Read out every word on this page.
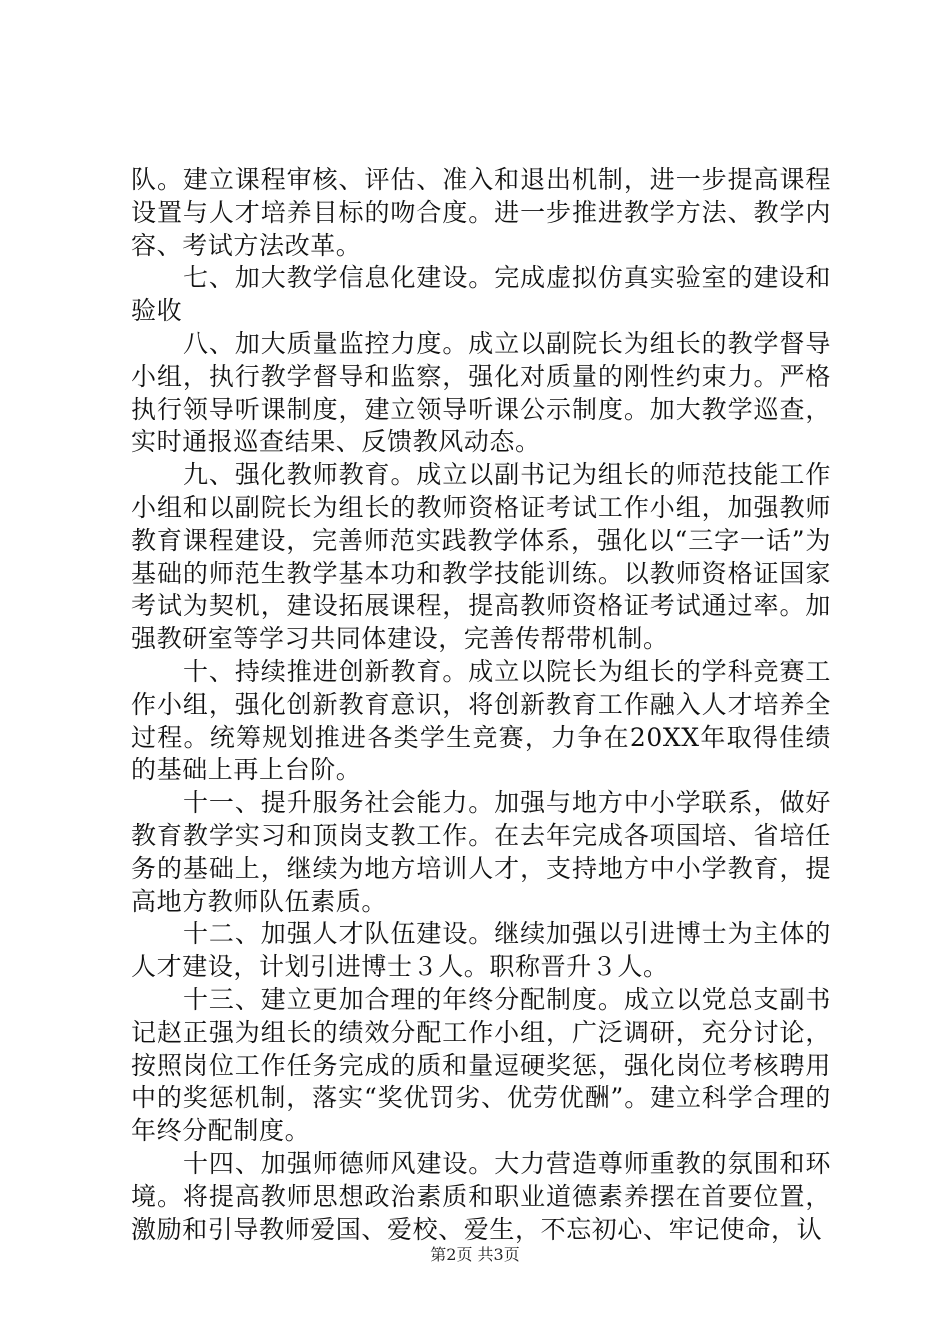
队。建立课程审核、评估、准入和退出机制，进一步提高课程设置与人才培养目标的吻合度。进一步推进教学方法、教学内容、考试方法改革。

七、加大教学信息化建设。完成虚拟仿真实验室的建设和验收

八、加大质量监控力度。成立以副院长为组长的教学督导小组，执行教学督导和监察，强化对质量的刚性约束力。严格执行领导听课制度，建立领导听课公示制度。加大教学巡查，实时通报巡查结果、反馈教风动态。

九、强化教师教育。成立以副书记为组长的师范技能工作小组和以副院长为组长的教师资格证考试工作小组，加强教师教育课程建设，完善师范实践教学体系，强化以“三字一话”为基础的师范生教学基本功和教学技能训练。以教师资格证国家考试为契机，建设拓展课程，提高教师资格证考试通过率。加强教研室等学习共同体建设，完善传帮带机制。

十、持续推进创新教育。成立以院长为组长的学科竞赛工作小组，强化创新教育意识，将创新教育工作融入人才培养全过程。统筹规划推进各类学生竞赛，力争在20XX年取得佳绩的基础上再上台阶。

十一、提升服务社会能力。加强与地方中小学联系，做好教育教学实习和顶岗支教工作。在去年完成各项国培、省培任务的基础上，继续为地方培训人才，支持地方中小学教育，提高地方教师队伍素质。

十二、加强人才队伍建设。继续加强以引进博士为主体的人才建设，计划引进博士３人。职称晋升３人。

十三、建立更加合理的年终分配制度。成立以党总支副书记赵正强为组长的绩效分配工作小组，广泛调研，充分讨论，按照岗位工作任务完成的质和量逗硬奖惩，强化岗位考核聘用中的奖惩机制，落实“奖优罚劣、优劳优酬”。建立科学合理的年终分配制度。

十四、加强师德师风建设。大力营造尊师重教的氛围和环境。将提高教师思想政治素质和职业道德素养摆在首要位置，激励和引导教师爱国、爱校、爱生，不忘初心、牢记使命，认

第2页 共3页
